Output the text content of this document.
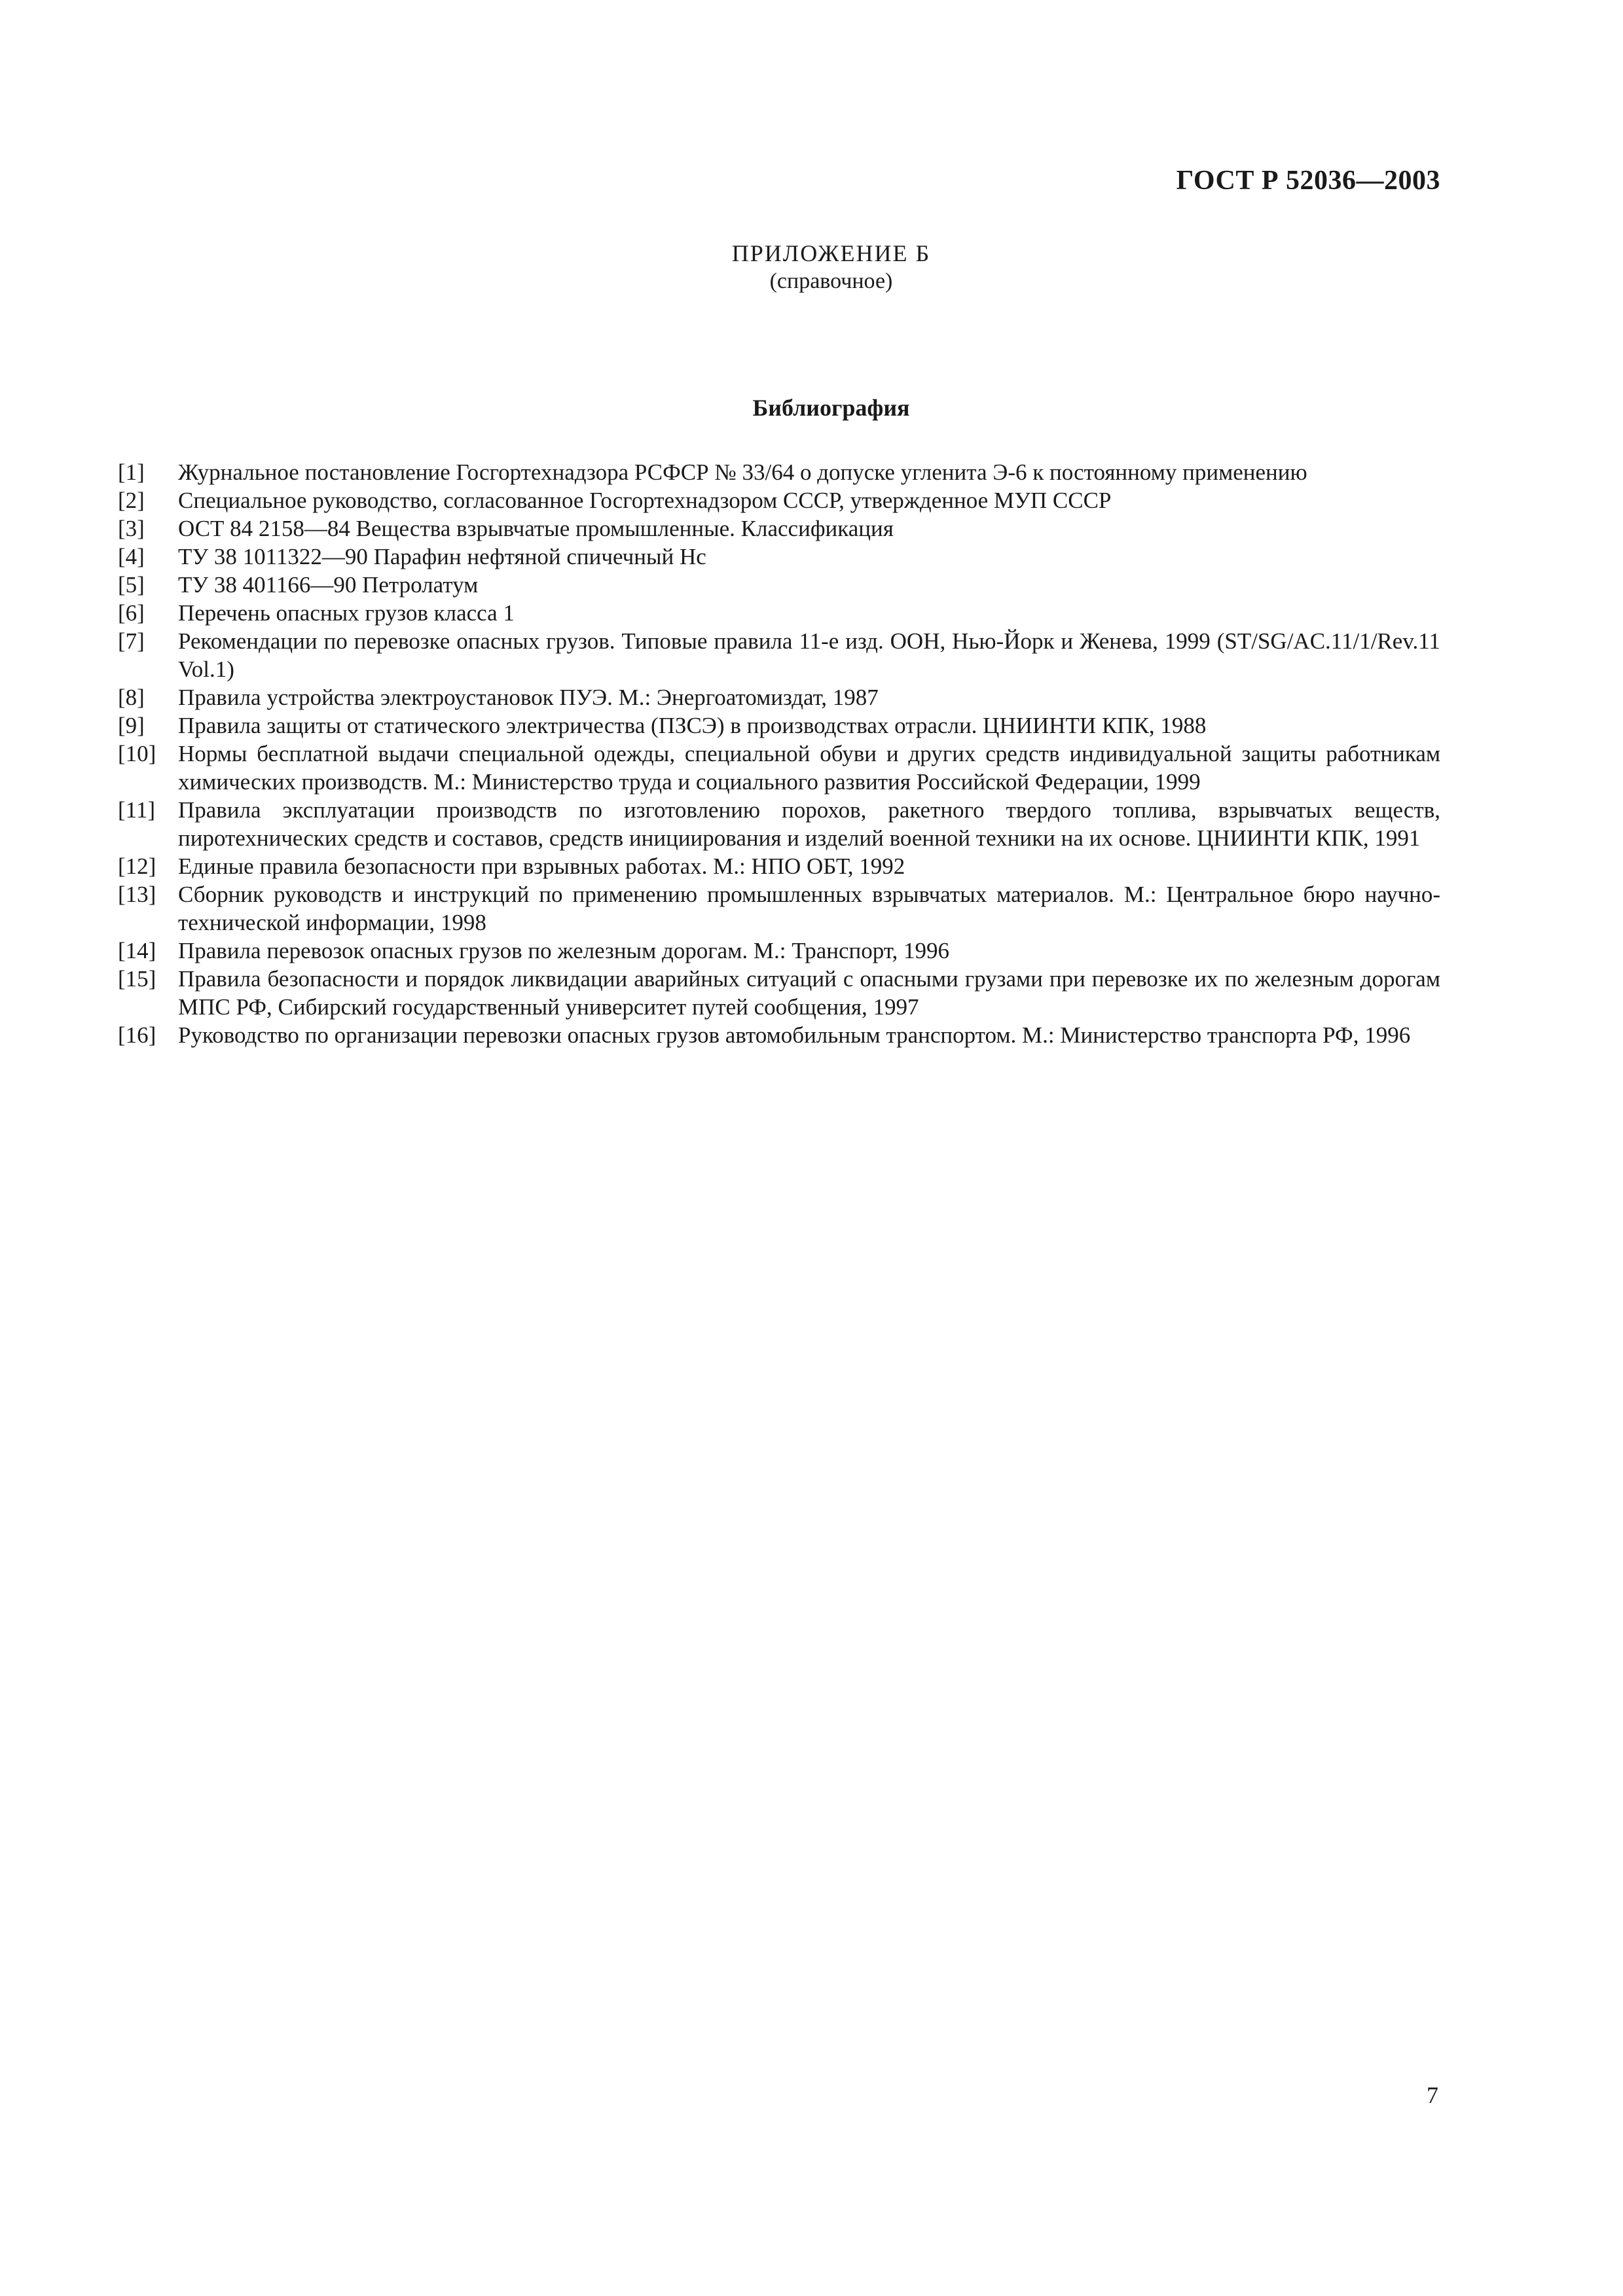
ГОСТ Р 52036—2003
ПРИЛОЖЕНИЕ Б
(справочное)
Библиография
[1] Журнальное постановление Госгортехнадзора РСФСР № 33/64 о допуске угленита Э-6 к постоянному применению
[2] Специальное руководство, согласованное Госгортехнадзором СССР, утвержденное МУП СССР
[3] ОСТ 84 2158—84 Вещества взрывчатые промышленные. Классификация
[4] ТУ 38 1011322—90 Парафин нефтяной спичечный Нс
[5] ТУ 38 401166—90 Петролатум
[6] Перечень опасных грузов класса 1
[7] Рекомендации по перевозке опасных грузов. Типовые правила 11-е изд. ООН, Нью-Йорк и Женева, 1999 (ST/SG/AC.11/1/Rev.11 Vol.1)
[8] Правила устройства электроустановок ПУЭ. М.: Энергоатомиздат, 1987
[9] Правила защиты от статического электричества (ПЗСЭ) в производствах отрасли. ЦНИИНТИ КПК, 1988
[10] Нормы бесплатной выдачи специальной одежды, специальной обуви и других средств индивидуальной защиты работникам химических производств. М.: Министерство труда и социального развития Российской Федерации, 1999
[11] Правила эксплуатации производств по изготовлению порохов, ракетного твердого топлива, взрывчатых веществ, пиротехнических средств и составов, средств инициирования и изделий военной техники на их основе. ЦНИИНТИ КПК, 1991
[12] Единые правила безопасности при взрывных работах. М.: НПО ОБТ, 1992
[13] Сборник руководств и инструкций по применению промышленных взрывчатых материалов. М.: Центральное бюро научно-технической информации, 1998
[14] Правила перевозок опасных грузов по железным дорогам. М.: Транспорт, 1996
[15] Правила безопасности и порядок ликвидации аварийных ситуаций с опасными грузами при перевозке их по железным дорогам МПС РФ, Сибирский государственный университет путей сообщения, 1997
[16] Руководство по организации перевозки опасных грузов автомобильным транспортом. М.: Министерство транспорта РФ, 1996
7
